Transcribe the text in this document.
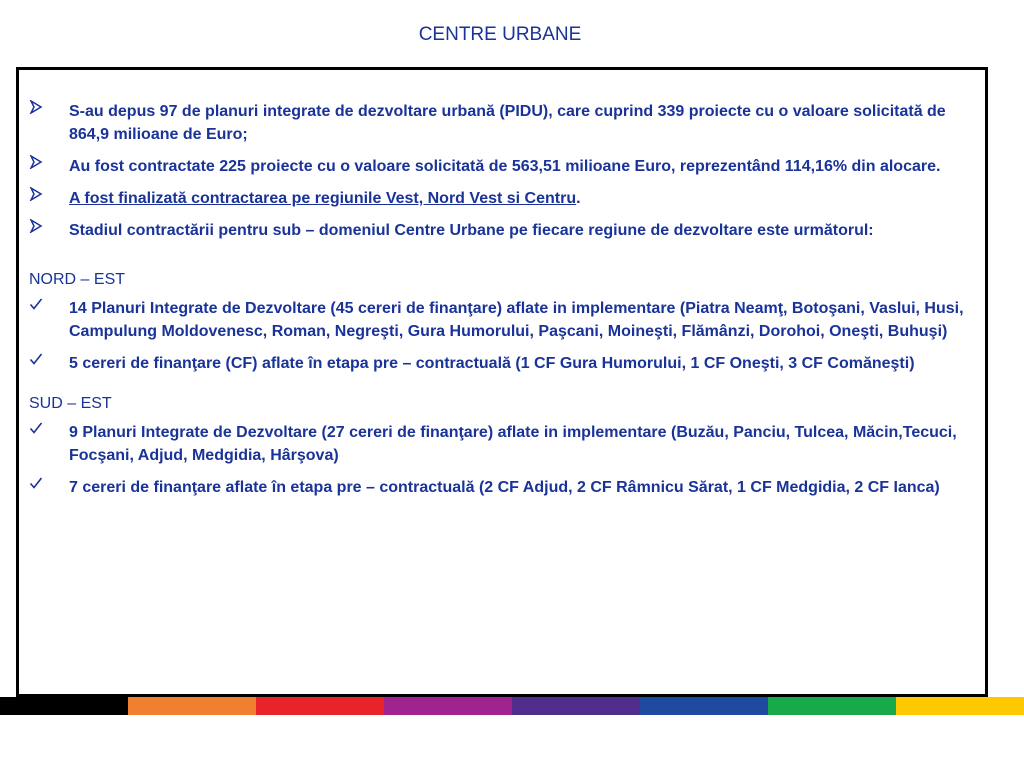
CENTRE URBANE
S-au depus 97 de planuri integrate de dezvoltare urbană (PIDU), care cuprind 339 proiecte cu o valoare solicitată de 864,9 milioane de Euro;
Au fost contractate 225 proiecte cu o valoare solicitată de 563,51 milioane Euro, reprezentând 114,16% din alocare.
A fost finalizată contractarea pe regiunile Vest, Nord Vest si Centru.
Stadiul contractării pentru sub – domeniul Centre Urbane pe fiecare regiune de dezvoltare este următorul:
NORD – EST
14 Planuri Integrate de Dezvoltare (45 cereri de finanţare) aflate in implementare (Piatra Neamţ, Botoşani, Vaslui, Husi, Campulung Moldovenesc, Roman, Negreşti, Gura Humorului, Paşcani, Moineşti, Flămânzi, Dorohoi, Oneşti, Buhuşi)
5 cereri de finanţare (CF) aflate în etapa pre – contractuală (1 CF Gura Humorului, 1 CF Oneşti, 3 CF Comăneşti)
SUD – EST
9 Planuri Integrate de Dezvoltare (27 cereri de finanţare) aflate in implementare (Buzău, Panciu, Tulcea, Măcin,Tecuci, Focşani, Adjud, Medgidia, Hârşova)
7 cereri de finanţare aflate în etapa pre – contractuală (2 CF Adjud, 2 CF Râmnicu Sărat, 1 CF Medgidia, 2 CF Ianca)
